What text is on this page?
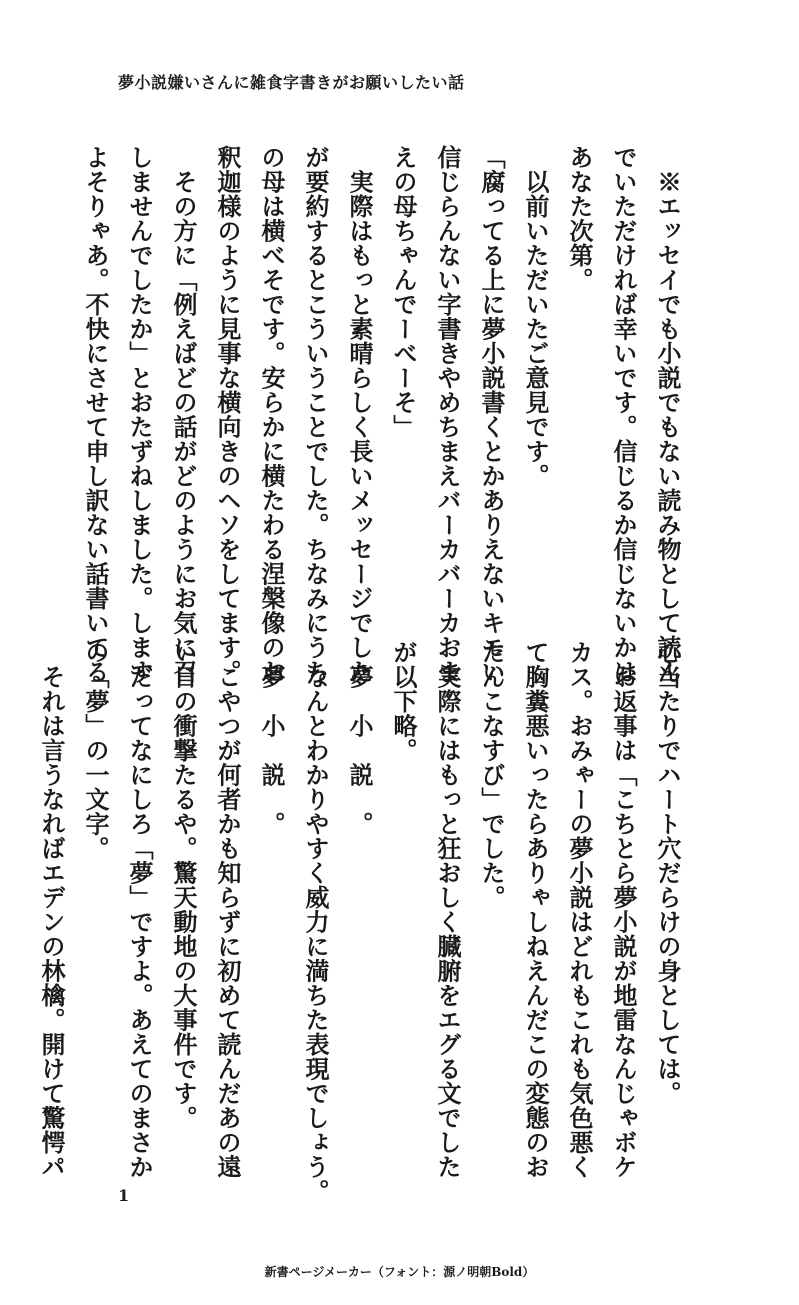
夢小説嫌いさんに雑食字書きがお願いしたい話

　※エッセイでも小説でもない読み物として読ん

でいただければ幸いです。信じるか信じないかは

あなた次第。

　以前いただいたご意見です。

「腐ってる上に夢小説書くとかありえないキモい

信じらんない字書きやめちまえバーカバーカおま

えの母ちゃんでーべーそ」

　実際はもっと素晴らしく長いメッセージでした

が要約するとこういうことでした。ちなみにうち

の母は横べそです。安らかに横たわる涅槃像のお

釈迦様のように見事な横向きのヘソをしてます。

　その方に「例えばどの話がどのようにお気に召

しませんでしたか」とおたずねしました。します

よそりゃあ。不快にさせて申し訳ない話書いてる

心当たりでハート穴だらけの身としては。

　お返事は「こちとら夢小説が地雷なんじゃボケ

カス。おみゃーの夢小説はどれもこれも気色悪く

て胸糞悪いったらありゃしねえんだこの変態のお

たんこなすび」でした。

　実際にはもっと狂おしく臓腑をエグる文でした

が以下略。

　夢　小　説　。

　なんとわかりやすく威力に満ちた表現でしょう。

　夢　小　説　。

　こやつが何者かも知らずに初めて読んだあの遠

い日の衝撃たるや。驚天動地の大事件です。

　だってなにしろ「夢」ですよ。あえてのまさか

の「夢」の一文字。

　それは言うなればエデンの林檎。開けて驚愕パ

1
新書ページメーカー（フォント：源ノ明朝Bold）
